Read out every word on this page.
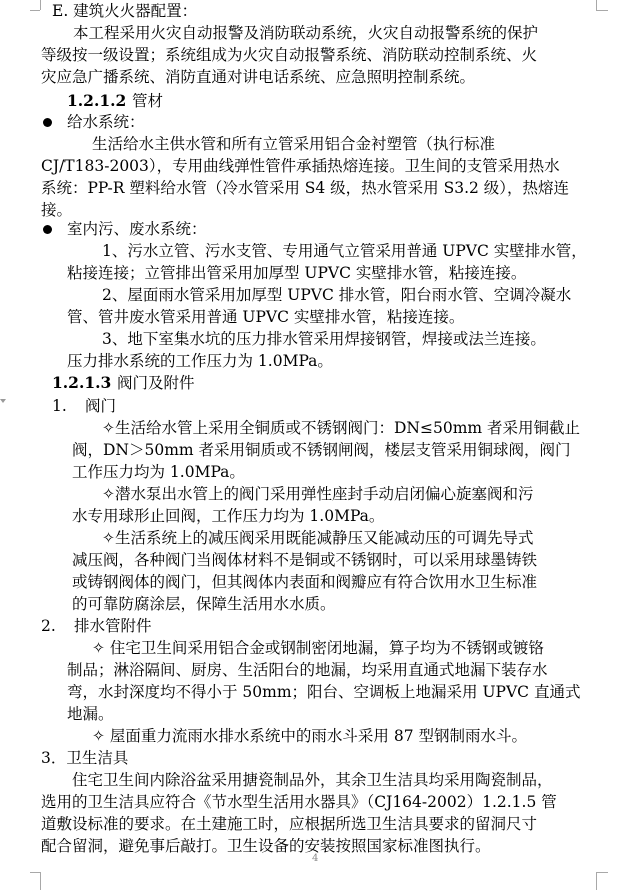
E. 建筑火火器配置：
本工程采用火灾自动报警及消防联动系统，火灾自动报警系统的保护
等级按一级设置；系统组成为火灾自动报警系统、消防联动控制系统、火
灾应急广播系统、消防直通对讲电话系统、应急照明控制系统。
1.2.1.2 管材
给水系统：
生活给水主供水管和所有立管采用铝合金衬塑管（执行标准
CJ/T183-2003），专用曲线弹性管件承插热熔连接。卫生间的支管采用热水
系统：PP-R 塑料给水管（冷水管采用 S4 级，热水管采用 S3.2 级），热熔连
接。
室内污、废水系统：
1、污水立管、污水支管、专用通气立管采用普通 UPVC 实壁排水管，
粘接连接；立管排出管采用加厚型 UPVC 实壁排水管，粘接连接。
2、屋面雨水管采用加厚型 UPVC 排水管，阳台雨水管、空调冷凝水
管、管井废水管采用普通 UPVC 实壁排水管，粘接连接。
3、地下室集水坑的压力排水管采用焊接钢管，焊接或法兰连接。
压力排水系统的工作压力为 1.0MPa。
1.2.1.3 阀门及附件
1. 阀门
✧生活给水管上采用全铜质或不锈钢阀门：DN≤50mm 者采用铜截止
阀，DN＞50mm 者采用铜质或不锈钢闸阀，楼层支管采用铜球阀，阀门
工作压力均为 1.0MPa。
✧潜水泵出水管上的阀门采用弹性座封手动启闭偏心旋塞阀和污
水专用球形止回阀，工作压力均为 1.0MPa。
✧生活系统上的减压阀采用既能减静压又能减动压的可调先导式
减压阀，各种阀门当阀体材料不是铜或不锈钢时，可以采用球墨铸铁
或铸钢阀体的阀门，但其阀体内表面和阀瓣应有符合饮用水卫生标准
的可靠防腐涂层，保障生活用水水质。
2. 排水管附件
✧ 住宅卫生间采用铝合金或钢制密闭地漏，算子均为不锈钢或镀铬
制品；淋浴隔间、厨房、生活阳台的地漏，均采用直通式地漏下装存水
弯，水封深度均不得小于 50mm；阳台、空调板上地漏采用 UPVC 直通式
地漏。
✧ 屋面重力流雨水排水系统中的雨水斗采用 87 型钢制雨水斗。
3．卫生洁具
住宅卫生间内除浴盆采用搪瓷制品外，其余卫生洁具均采用陶瓷制品，
选用的卫生洁具应符合《节水型生活用水器具》（CJ164-2002）1.2.1.5 管
道敷设标准的要求。在土建施工时，应根据所选卫生洁具要求的留洞尺寸
配合留洞，避免事后敲打。卫生设备的安装按照国家标准图执行。
4
